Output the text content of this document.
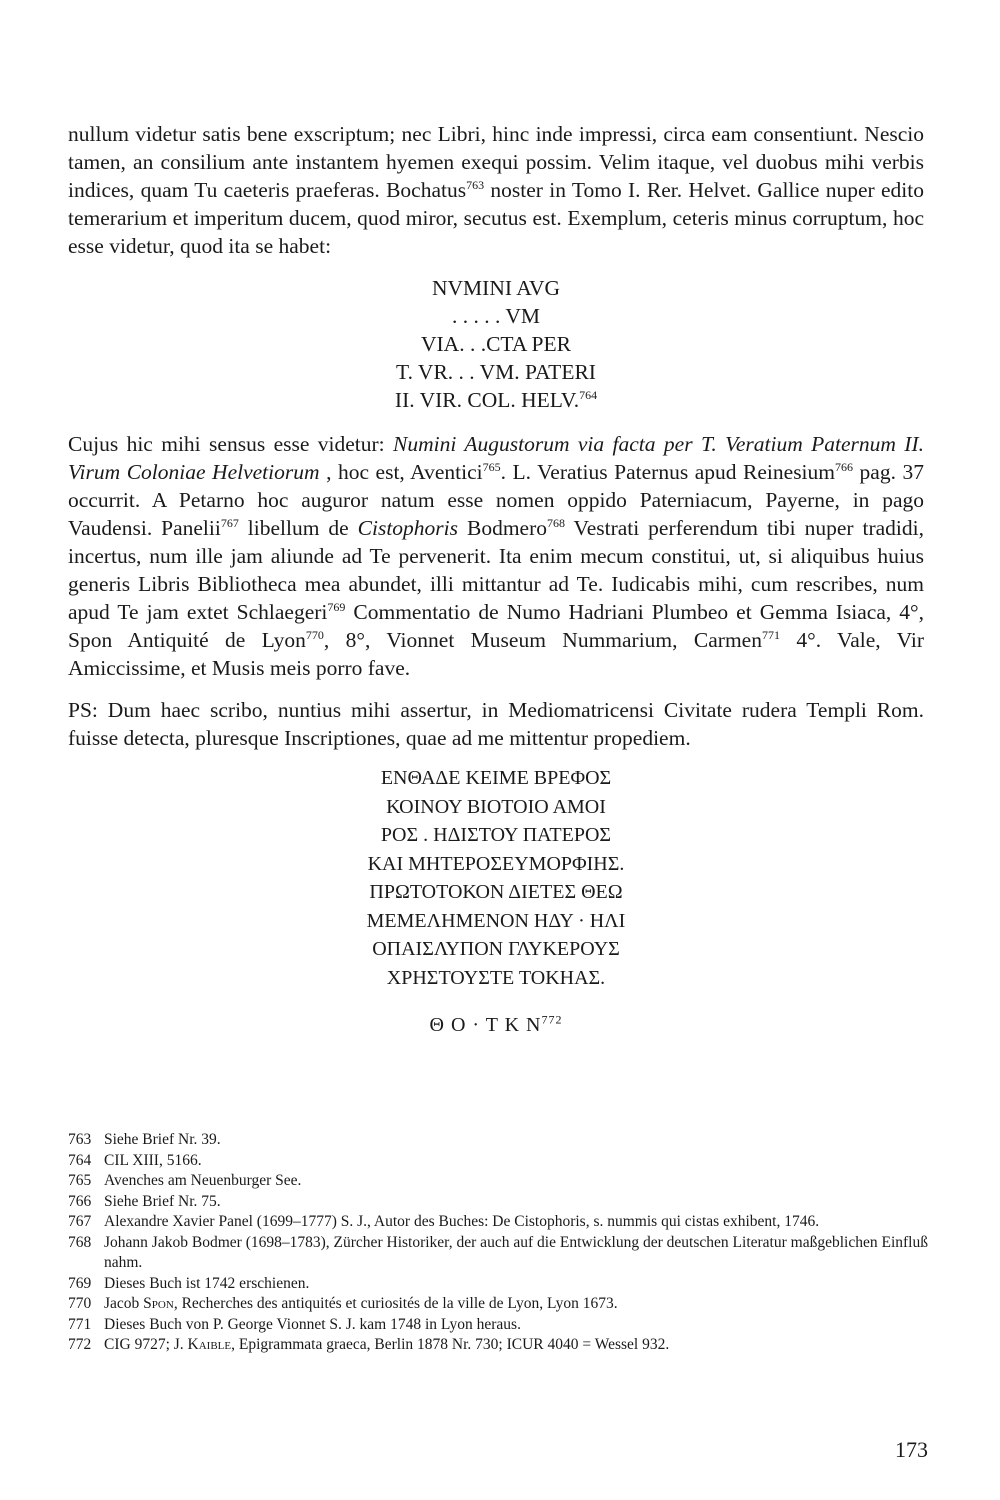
nullum videtur satis bene exscriptum; nec Libri, hinc inde impressi, circa eam consentiunt. Nescio tamen, an consilium ante instantem hyemen exequi possim. Velim itaque, vel duobus mihi verbis indices, quam Tu caeteris praeferas. Bochatus$^{763}$ noster in Tomo I. Rer. Helvet. Gallice nuper edito temerarium et imperitum ducem, quod miror, secutus est. Exemplum, ceteris minus corruptum, hoc esse videtur, quod ita se habet:

NVMINI AVG
. . . . . VM
VIA. . .CTA PER
T. VR. . . VM. PATERI
II. VIR. COL. HELV.$^{764}$

Cujus hic mihi sensus esse videtur: Numini Augustorum via facta per T. Veratium Paternum II. Virum Coloniae Helvetiorum , hoc est, Aventici$^{765}$. L. Veratius Paternus apud Reinesium$^{766}$ pag. 37 occurrit. A Petarno hoc auguror natum esse nomen oppido Paterniacum, Payerne, in pago Vaudensi. Panelii$^{767}$ libellum de Cistophoris Bodmero$^{768}$ Vestrati perferendum tibi nuper tradidi, incertus, num ille jam aliunde ad Te pervenerit. Ita enim mecum constitui, ut, si aliquibus huius generis Libris Bibliotheca mea abundet, illi mittantur ad Te. Iudicabis mihi, cum rescribes, num apud Te jam extet Schlaegeri$^{769}$ Commentatio de Numo Hadriani Plumbeo et Gemma Isiaca, 4°, Spon Antiquité de Lyon$^{770}$, 8°, Vionnet Museum Nummarium, Carmen$^{771}$ 4°. Vale, Vir Amiccissime, et Musis meis porro fave.

PS: Dum haec scribo, nuntius mihi assertur, in Mediomatricensi Civitate rudera Templi Rom. fuisse detecta, pluresque Inscriptiones, quae ad me mittentur propediem.

ΕΝΘΑΔΕ ΚΕΙΜΕ ΒΡΕΦΟΣ
ΚΟΙΝΟΥ ΒΙΟΤΟΙΟ ΑΜΟΙ
ΡΟΣ . ΗΔΙΣΤΟΥ ΠΑΤΕΡΟΣ
ΚΑΙ ΜΗΤΕΡΟΣΕΥΜΟΡΦΙΗΣ.
ΠΡΩΤΟΤΟΚΟΝ ΔΙΕΤΕΣ ΘΕΩ
ΜΕΜΕΛΗΜΕΝΟΝ ΗΔΥ · ΗΛΙ
ΟΠΑΙΣΛΥΠΟΝ ΓΛΥΚΕΡΟΥΣ
ΧΡΗΣΤΟΥΣΤΕ ΤΟΚΗΑΣ.
Θ Ο · Τ Κ $N^{772}$
763 Siehe Brief Nr. 39.
764 CIL XIII, 5166.
765 Avenches am Neuenburger See.
766 Siehe Brief Nr. 75.
767 Alexandre Xavier Panel (1699–1777) S. J., Autor des Buches: De Cistophoris, s. nummis qui cistas exhibent, 1746.
768 Johann Jakob Bodmer (1698–1783), Zürcher Historiker, der auch auf die Entwicklung der deutschen Literatur maßgeblichen Einfluß nahm.
769 Dieses Buch ist 1742 erschienen.
770 Jacob Spon, Recherches des antiquités et curiosités de la ville de Lyon, Lyon 1673.
771 Dieses Buch von P. George Vionnet S. J. kam 1748 in Lyon heraus.
772 CIG 9727; J. Kaible, Epigrammata graeca, Berlin 1878 Nr. 730; ICUR 4040 = Wessel 932.
173
